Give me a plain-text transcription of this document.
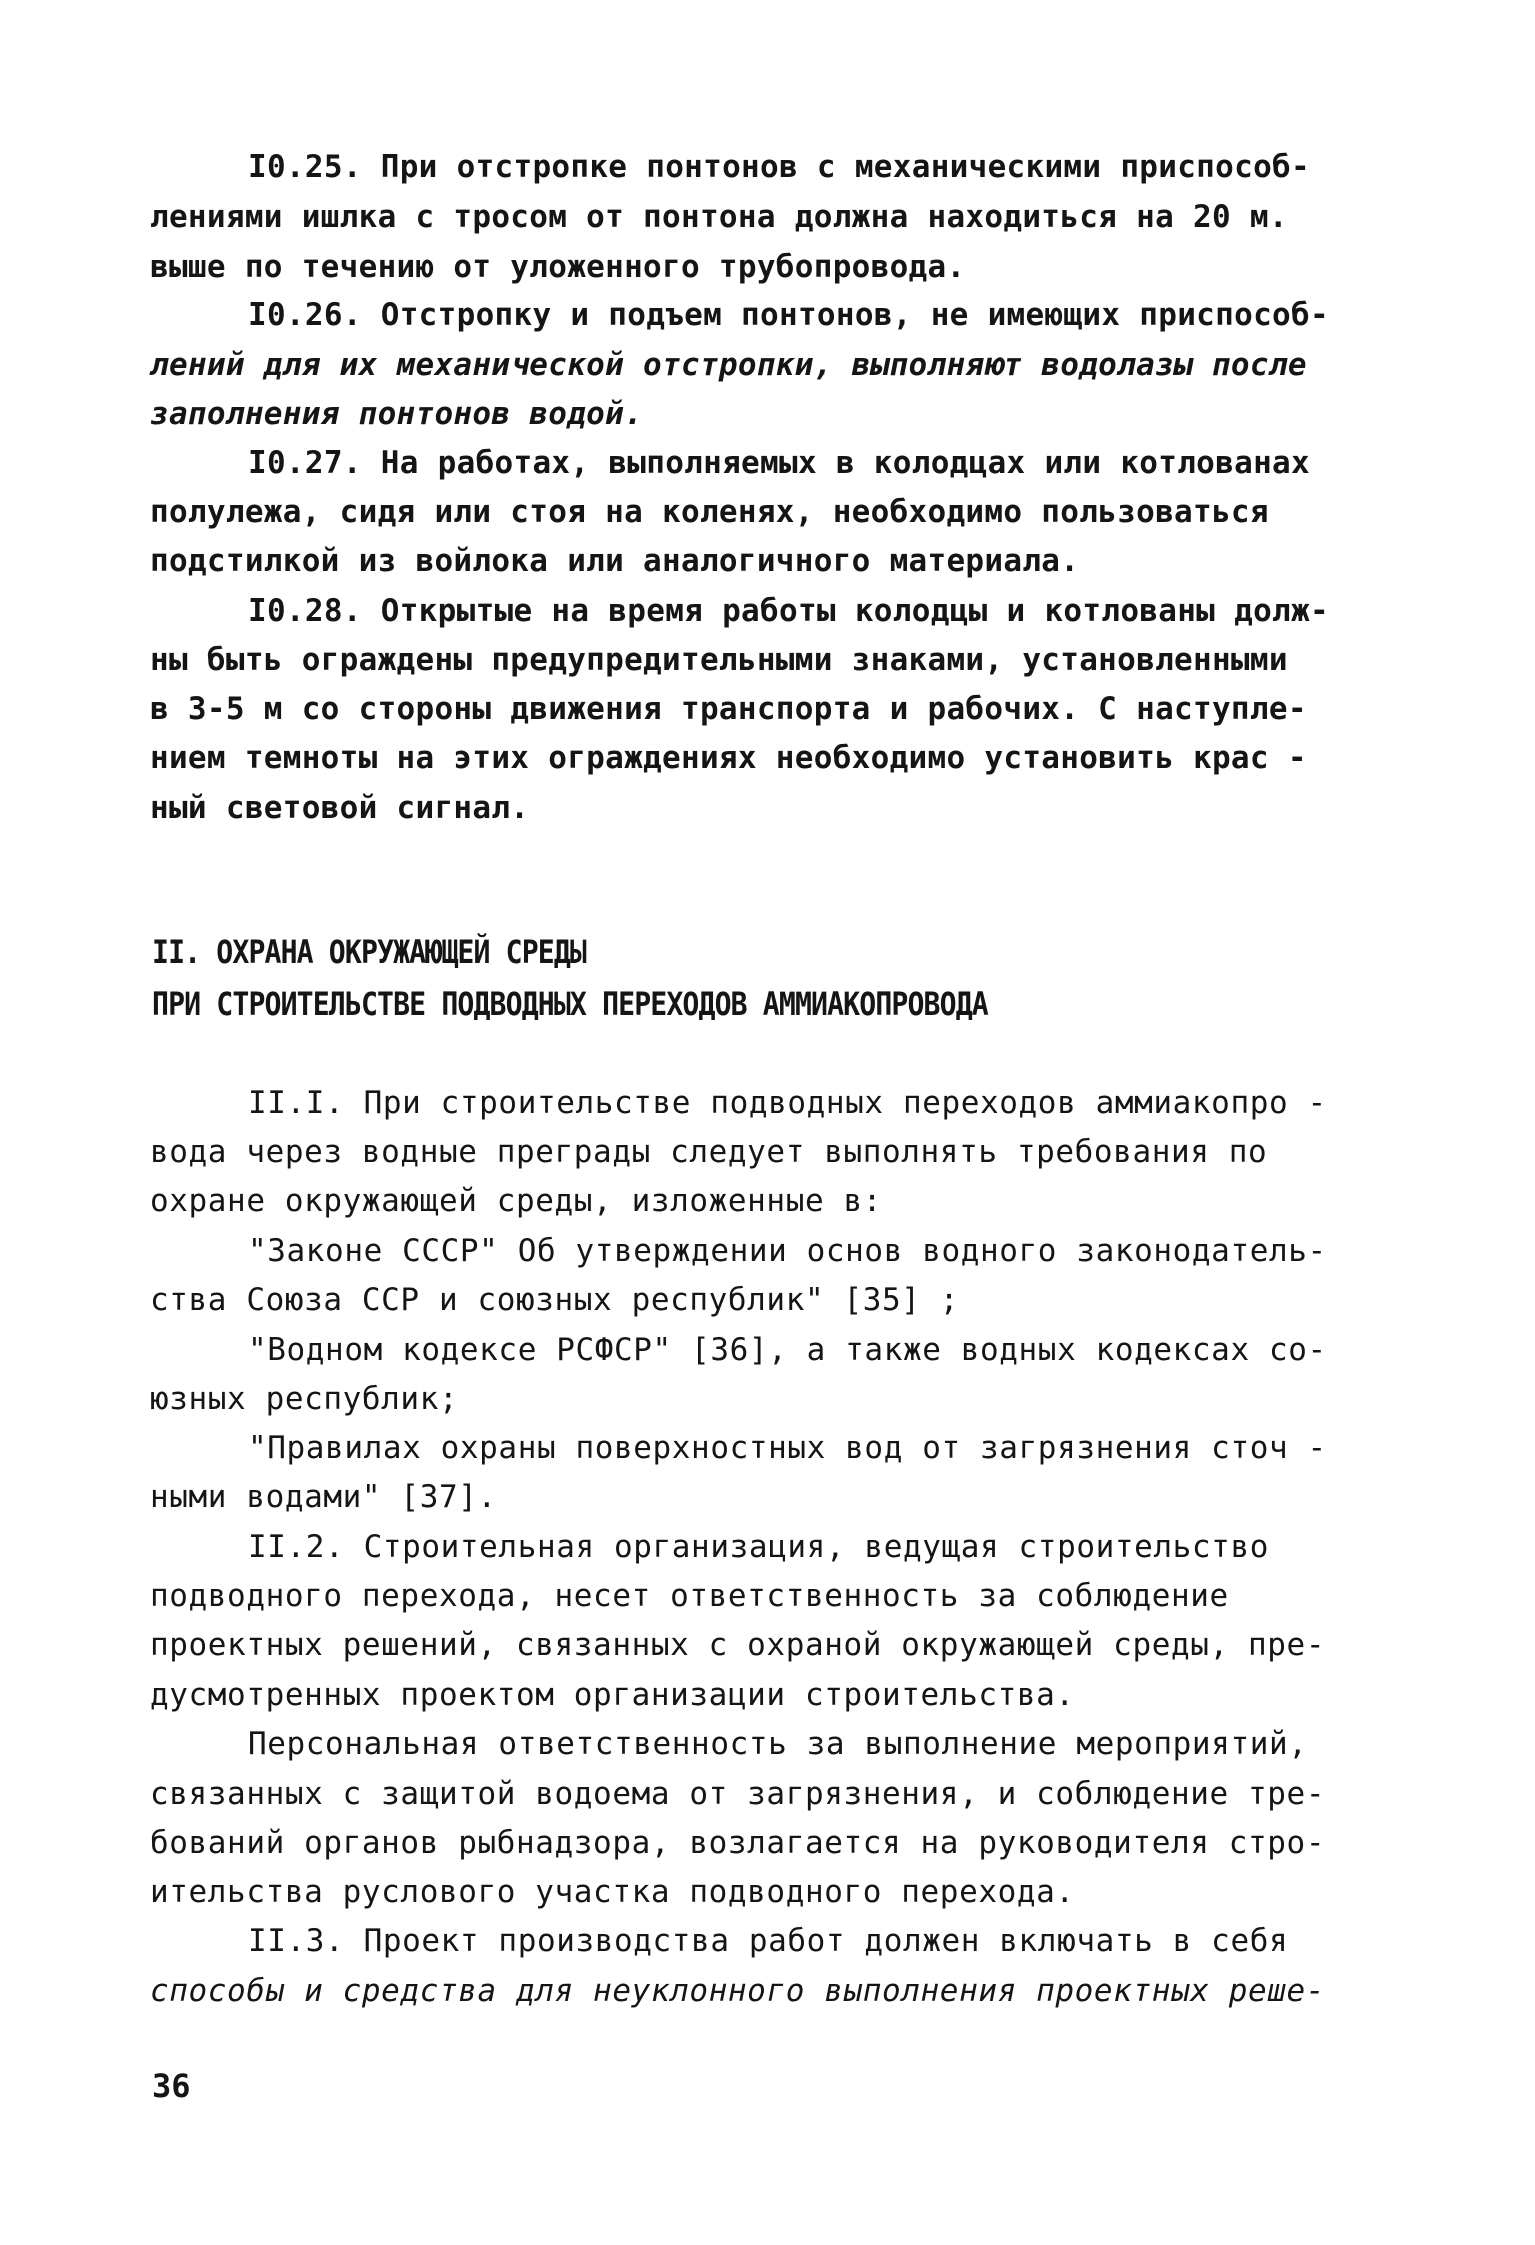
I0.25. При отстропке понтонов с механическими приспособ-
лениями ишлка с тросом от понтона должна находиться на 20 м.
выше по течению от уложенного трубопровода.
I0.26. Отстропку и подъем понтонов, не имеющих приспособ-
лений для их механической отстропки, выполняют водолазы после
заполнения понтонов водой.
I0.27. На работах, выполняемых в колодцах или котлованах
полулежа, сидя или стоя на коленях, необходимо пользоваться
подстилкой из войлока или аналогичного материала.
I0.28. Открытые на время работы колодцы и котлованы долж-
ны быть ограждены предупредительными знаками, установленными
в 3-5 м со стороны движения транспорта и рабочих. С наступле-
нием темноты на этих ограждениях необходимо установить крас -
ный световой сигнал.
II. ОХРАНА ОКРУЖАЮЩЕЙ СРЕДЫ
ПРИ СТРОИТЕЛЬСТВЕ ПОДВОДНЫХ ПЕРЕХОДОВ АММИАКОПРОВОДА
II.I. При строительстве подводных переходов аммиакопро -
вода через водные преграды следует выполнять требования по
охране окружающей среды, изложенные в:
"Законе СССР" Об утверждении основ водного законодатель-
ства Союза ССР и союзных республик" [35] ;
"Водном кодексе РСФСР" [36], а также водных кодексах со-
юзных республик;
"Правилах охраны поверхностных вод от загрязнения сточ -
ными водами" [37].
II.2. Строительная организация, ведущая строительство
подводного перехода, несет ответственность за соблюдение
проектных решений, связанных с охраной окружающей среды, пре-
дусмотренных проектом организации строительства.
Персональная ответственность за выполнение мероприятий,
связанных с защитой водоема от загрязнения, и соблюдение тре-
бований органов рыбнадзора, возлагается на руководителя стро-
ительства руслового участка подводного перехода.
II.3. Проект производства работ должен включать в себя
способы и средства для неуклонного выполнения проектных реше-
36
